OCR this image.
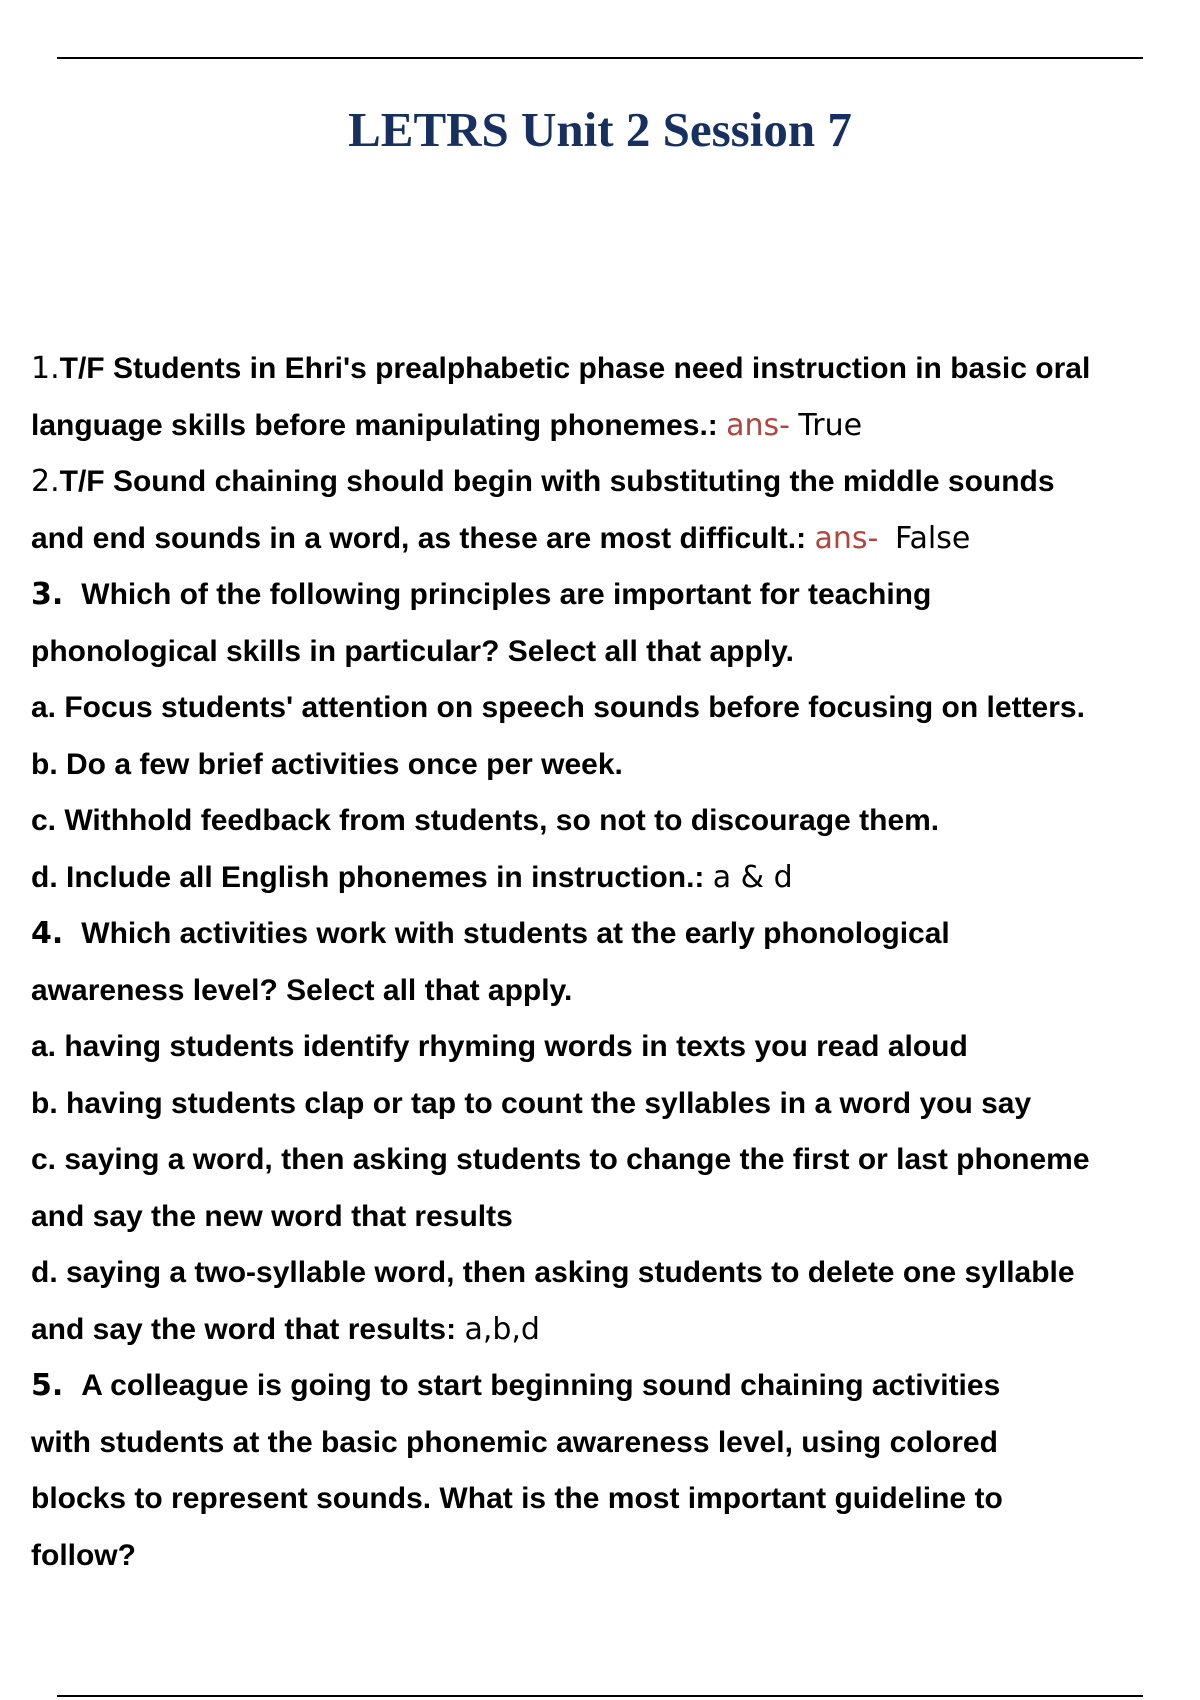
LETRS Unit 2 Session 7
1.T/F Students in Ehri's prealphabetic phase need instruction in basic oral
language skills before manipulating phonemes.: ans- True
2.T/F Sound chaining should begin with substituting the middle sounds
and end sounds in a word, as these are most difficult.: ans- False
3. Which of the following principles are important for teaching
phonological skills in particular? Select all that apply.
a. Focus students' attention on speech sounds before focusing on letters.
b. Do a few brief activities once per week.
c. Withhold feedback from students, so not to discourage them.
d. Include all English phonemes in instruction.: a & d
4. Which activities work with students at the early phonological
awareness level? Select all that apply.
a. having students identify rhyming words in texts you read aloud
b. having students clap or tap to count the syllables in a word you say
c. saying a word, then asking students to change the first or last phoneme
and say the new word that results
d. saying a two-syllable word, then asking students to delete one syllable
and say the word that results: a,b,d
5. A colleague is going to start beginning sound chaining activities
with students at the basic phonemic awareness level, using colored
blocks to represent sounds. What is the most important guideline to
follow?
